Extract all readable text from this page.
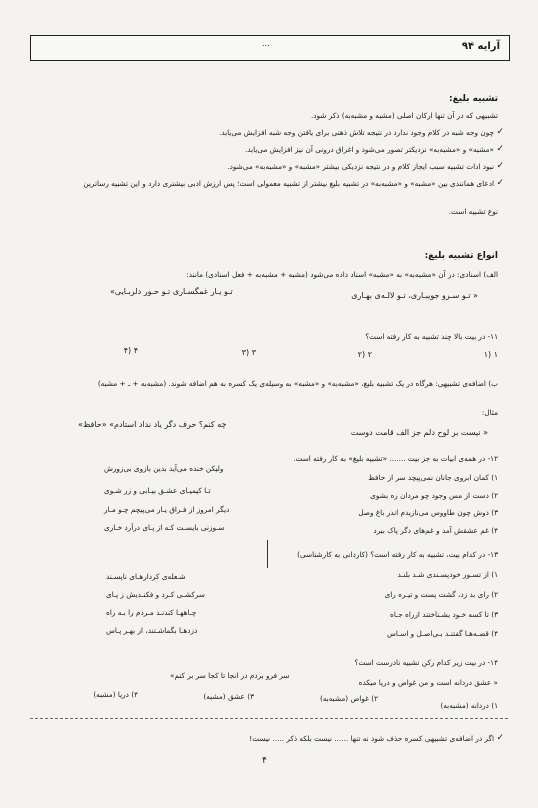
آرایه ۹۴
...
تشبیه بلیغ:
تشبیهی که در آن تنها ارکان اصلی (مشبه و مشبه‌به) ذکر شود.
✓
چون وجه شبه در کلام وجود ندارد در نتیجه تلاش ذهنی برای یافتن وجه شبه افزایش می‌یابد.
✓
«مشبه» و «مشبه‌به» نزدیکتر تصور می‌شود و اغراق درونی آن نیز افزایش می‌یابد.
✓
نبود ادات تشبیه سبب ایجاز کلام و در نتیجه نزدیکی بیشتر «مشبه» و «مشبه‌به» می‌شود.
✓
ادعای همانندی بین «مشبه» و «مشبه‌به» در تشبیه بلیغ بیشتر از تشبیه معمولی است؛ پس ارزش ادبی بیشتری دارد و این تشبیه رساترین
نوع تشبیه است.
انواع تشبیه بلیغ:
الف) اسنادی: در آن «مشبه‌به» به «مشبه» اسناد داده می‌شود (مشبه + مشبه‌به + فعل اسنادی) مانند:
« تـو سـرو جویبـاری، تـو لالـه‌ی بهـاری
تـو یـار غمگسـاری تـو حـور دلربـایی»
۱۱- در بیت بالا چند تشبیه به کار رفته است؟
۱) ۱
۲) ۲
۳) ۳
۴) ۴
ب) اضافه‌ی تشبیهی: هرگاه در یک تشبیه بلیغ، «مشبه‌به» و «مشبه» به وسیله‌ی یک کسره به هم اضافه شوند. (مشبه‌به + ـ + مشبه)
مثال:
« نیست بر لوح دلم جز الف قامت دوست
چه کنم؟ حرف دگر یاد نداد استادم» «حافظ»
۱۲- در همه‌ی ابیات به جز بیت ....... «تشبیه بلیغ» به کار رفته است.
۱) کمان ابروی جانان نمی‌پیچد سر از حافظ
ولیکن خنده می‌آید بدین بازوی بی‌زورش
۲) دست از مس وجود چو مردان ره بشوی
تـا کیمیـای عشـق بیـابی و زر شـوی
۳) دوش چون طاووس می‌نازیدم اندر باغ وصل
دیگر امروز از فـراق یـار می‌پیچم چـو مـار
۴) غم عشقش آمد و غم‌های دگر پاک ببرد
سـوزنی بایسـت کـه از پـای دراَرد خـاری
۱۳- در کدام بیت، تشبیه به کار رفته است؟ (کاردانی به کارشناسی)
۱) از تسـور خودپسـندی شـد بلنـد
شـعله‌ی کردارهـای ناپسـند
۲) رای بد زد، گشت پست و تیـره رای
سرکشـی کـرد و فکنـدیش ز پـای
۳) تا کسه خـود بشـناختند ازراه جـاه
چـاههـا کندنـد مـردم را بـه راه
۴) قصـه‌هـا گفتنـد بـی‌اصـل و اسـاس
دزدهـا بگماشـتند، از بهـر پـاس
۱۴- در بیت زیر کدام رکن تشبیه نادرست است؟
« عشق دردانه است و من غواص و دریا میکده
سر فرو بردم در انجا تا کجا سر بر کنم»
۱) دردانه (مشبه‌به)
۲) غواص (مشبه‌به)
۳) عشق (مشبه)
۴) دریا (مشبه)
✓
اگر در اضافه‌ی تشبیهی کسره حذف شود نه تنها ...... نیست بلکه ذکر ..... نیست!
۴
